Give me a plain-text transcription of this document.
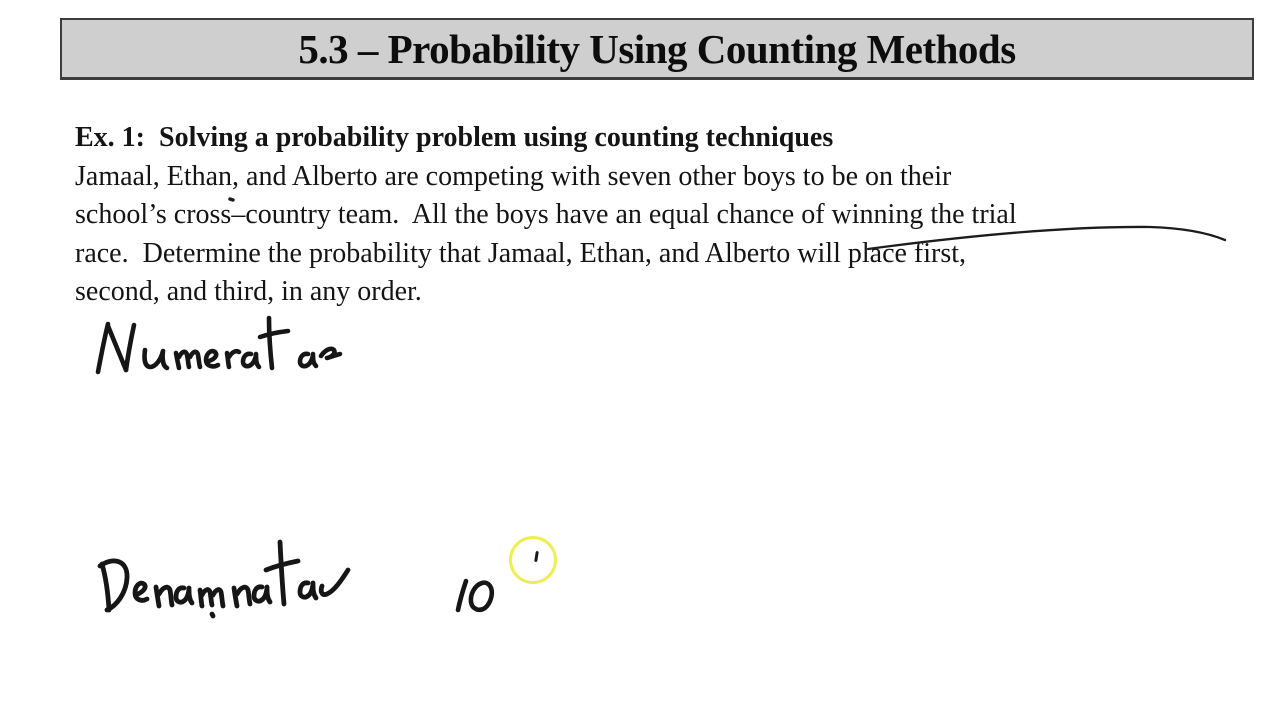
5.3 – Probability Using Counting Methods
Ex. 1:  Solving a probability problem using counting techniques
Jamaal, Ethan, and Alberto are competing with seven other boys to be on their
school’s cross–country team.  All the boys have an equal chance of winning the trial
race.  Determine the probability that Jamaal, Ethan, and Alberto will place first,
second, and third, in any order.
